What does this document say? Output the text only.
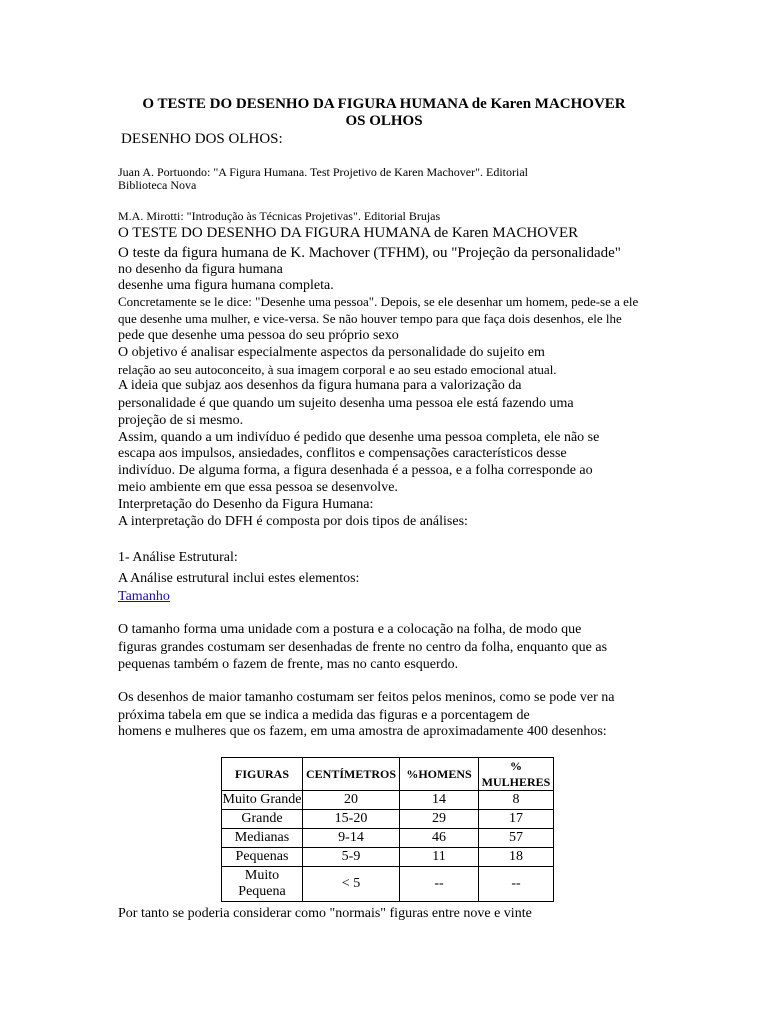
O TESTE DO DESENHO DA FIGURA HUMANA de Karen MACHOVER
OS OLHOS
DESENHO DOS OLHOS:
Juan A. Portuondo: "A Figura Humana. Test Projetivo de Karen Machover". Editorial
Biblioteca Nova
M.A. Mirotti: "Introdução às Técnicas Projetivas". Editorial Brujas
O TESTE DO DESENHO DA FIGURA HUMANA de Karen MACHOVER
O teste da figura humana de K. Machover (TFHM), ou "Projeção da personalidade"
no desenho da figura humana
desenhe uma figura humana completa.
Concretamente se le dice: "Desenhe uma pessoa". Depois, se ele desenhar um homem, pede-se a ele
que desenhe uma mulher, e vice-versa. Se não houver tempo para que faça dois desenhos, ele lhe
pede que desenhe uma pessoa do seu próprio sexo
O objetivo é analisar especialmente aspectos da personalidade do sujeito em
relação ao seu autoconceito, à sua imagem corporal e ao seu estado emocional atual.
A ideia que subjaz aos desenhos da figura humana para a valorização da
personalidade é que quando um sujeito desenha uma pessoa ele está fazendo uma
projeção de si mesmo.
Assim, quando a um indivíduo é pedido que desenhe uma pessoa completa, ele não se
escapa aos impulsos, ansiedades, conflitos e compensações característicos desse
indivíduo. De alguma forma, a figura desenhada é a pessoa, e a folha corresponde ao
meio ambiente em que essa pessoa se desenvolve.
Interpretação do Desenho da Figura Humana:
A interpretação do DFH é composta por dois tipos de análises:
1- Análise Estrutural:
A Análise estrutural inclui estes elementos:
Tamanho
O tamanho forma uma unidade com a postura e a colocação na folha, de modo que
figuras grandes costumam ser desenhadas de frente no centro da folha, enquanto que as
pequenas também o fazem de frente, mas no canto esquerdo.
Os desenhos de maior tamanho costumam ser feitos pelos meninos, como se pode ver na
próxima tabela em que se indica a medida das figuras e a porcentagem de
homens e mulheres que os fazem, em uma amostra de aproximadamente 400 desenhos:
FIGURAS	CENTÍMETROS	%HOMENS	% MULHERES
Muito Grande	20	14	8
Grande	15-20	29	17
Medianas	9-14	46	57
Pequenas	5-9	11	18

Muito
Pequena	< 5	--	--
Por tanto se poderia considerar como "normais" figuras entre nove e vinte
